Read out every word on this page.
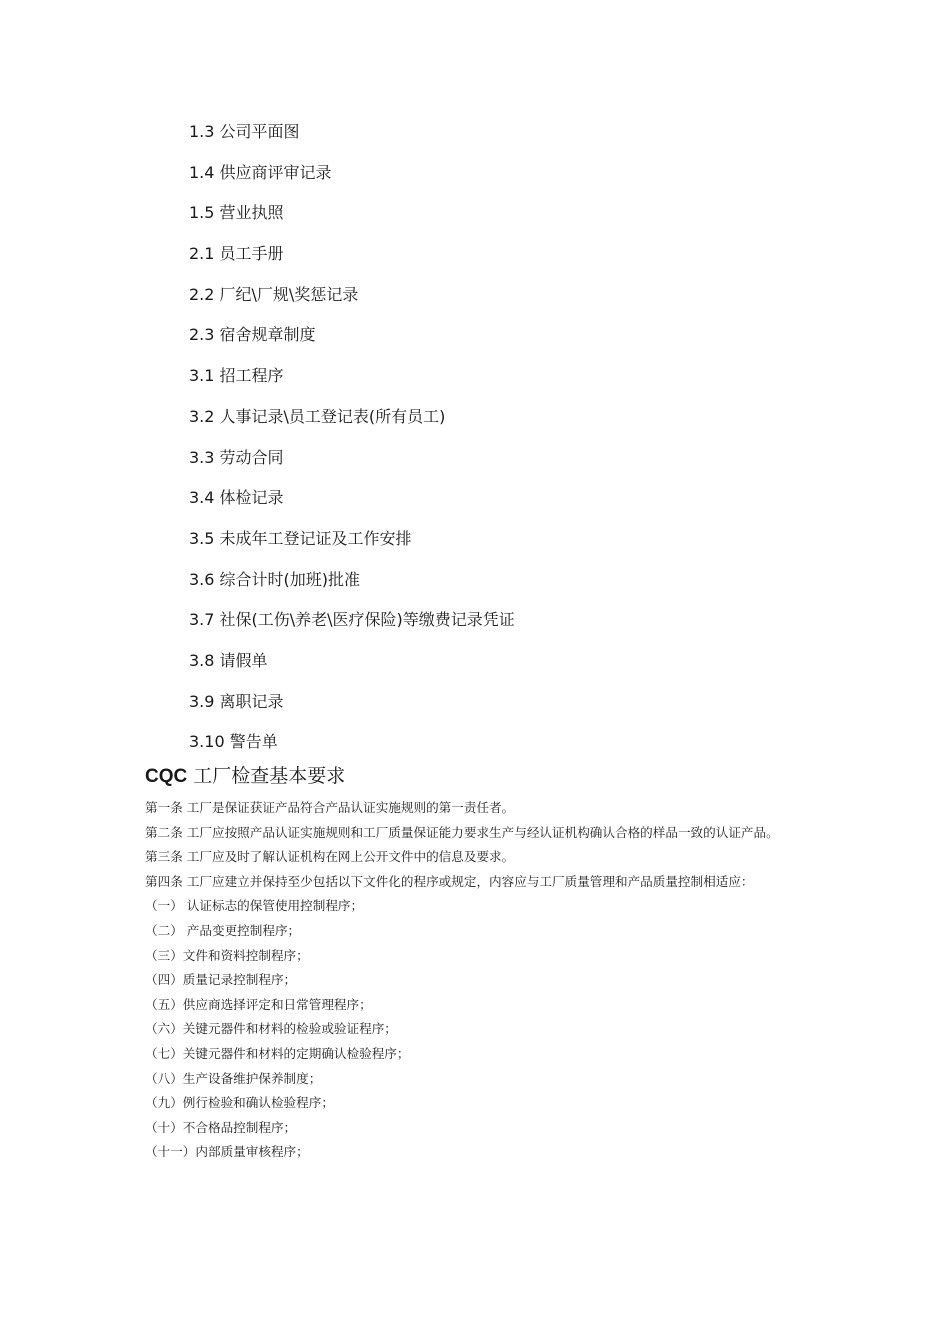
1.3 公司平面图
1.4 供应商评审记录
1.5 营业执照
2.1 员工手册
2.2 厂纪\厂规\奖惩记录
2.3 宿舍规章制度
3.1 招工程序
3.2 人事记录\员工登记表(所有员工)
3.3 劳动合同
3.4 体检记录
3.5 未成年工登记证及工作安排
3.6 综合计时(加班)批准
3.7 社保(工伤\养老\医疗保险)等缴费记录凭证
3.8 请假单
3.9 离职记录
3.10 警告单
CQC 工厂检查基本要求

第一条 工厂是保证获证产品符合产品认证实施规则的第一责任者。

第二条 工厂应按照产品认证实施规则和工厂质量保证能力要求生产与经认证机构确认合格的样品一致的认证产品。

第三条 工厂应及时了解认证机构在网上公开文件中的信息及要求。

第四条 工厂应建立并保持至少包括以下文件化的程序或规定，内容应与工厂质量管理和产品质量控制相适应：

（一） 认证标志的保管使用控制程序；
（二） 产品变更控制程序；
（三）文件和资料控制程序；
（四）质量记录控制程序；
（五）供应商选择评定和日常管理程序；
（六）关键元器件和材料的检验或验证程序；
（七）关键元器件和材料的定期确认检验程序；
（八）生产设备维护保养制度；
（九）例行检验和确认检验程序；
（十）不合格品控制程序；
（十一）内部质量审核程序；
